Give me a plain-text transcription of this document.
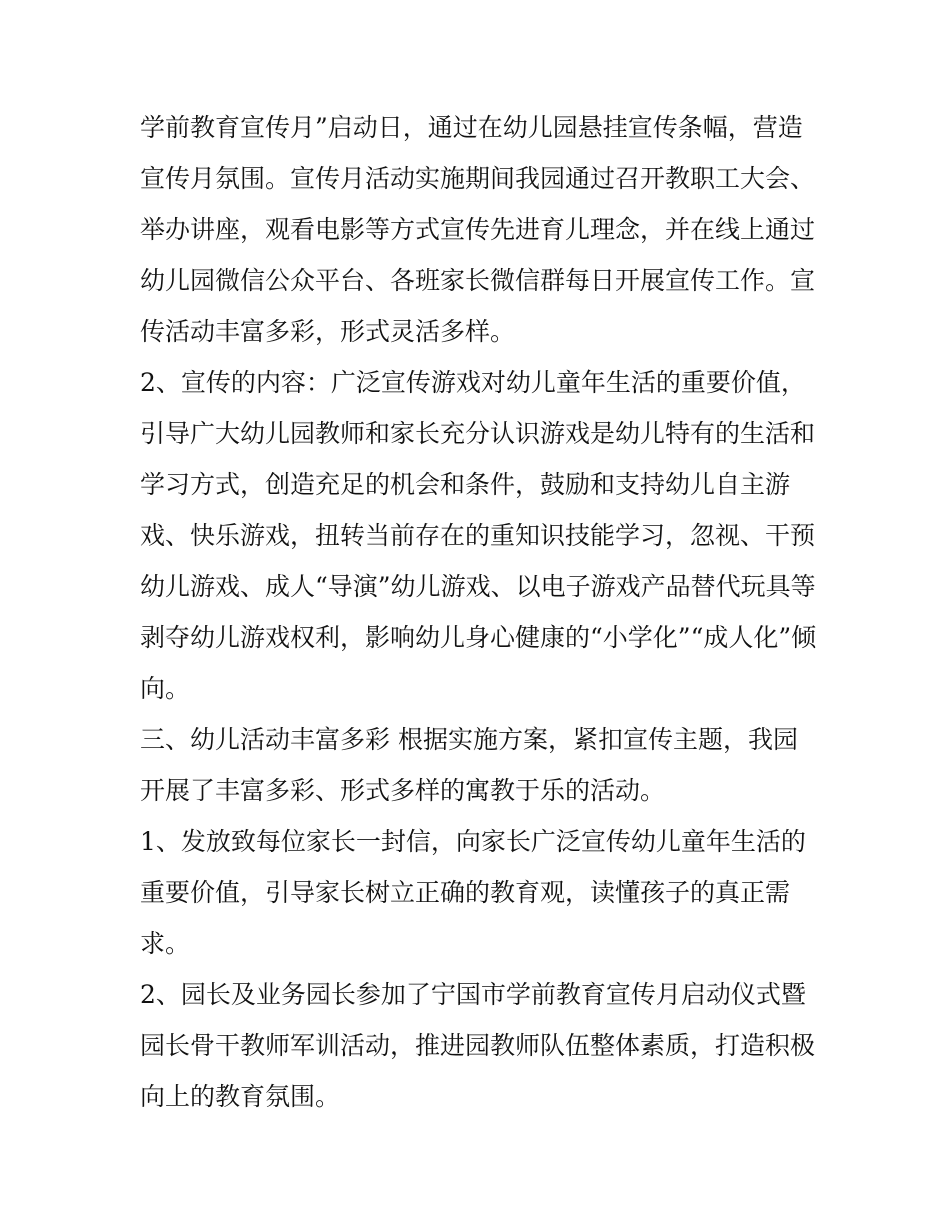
学前教育宣传月”启动日，通过在幼儿园悬挂宣传条幅，营造
宣传月氛围。宣传月活动实施期间我园通过召开教职工大会、
举办讲座，观看电影等方式宣传先进育儿理念，并在线上通过
幼儿园微信公众平台、各班家长微信群每日开展宣传工作。宣
传活动丰富多彩，形式灵活多样。
2、宣传的内容：广泛宣传游戏对幼儿童年生活的重要价值，
引导广大幼儿园教师和家长充分认识游戏是幼儿特有的生活和
学习方式，创造充足的机会和条件，鼓励和支持幼儿自主游
戏、快乐游戏，扭转当前存在的重知识技能学习，忽视、干预
幼儿游戏、成人“导演”幼儿游戏、以电子游戏产品替代玩具等
剥夺幼儿游戏权利，影响幼儿身心健康的“小学化”“成人化”倾
向。
三、幼儿活动丰富多彩 根据实施方案，紧扣宣传主题，我园
开展了丰富多彩、形式多样的寓教于乐的活动。
1、发放致每位家长一封信，向家长广泛宣传幼儿童年生活的
重要价值，引导家长树立正确的教育观，读懂孩子的真正需
求。
2、园长及业务园长参加了宁国市学前教育宣传月启动仪式暨
园长骨干教师军训活动，推进园教师队伍整体素质，打造积极
向上的教育氛围。
